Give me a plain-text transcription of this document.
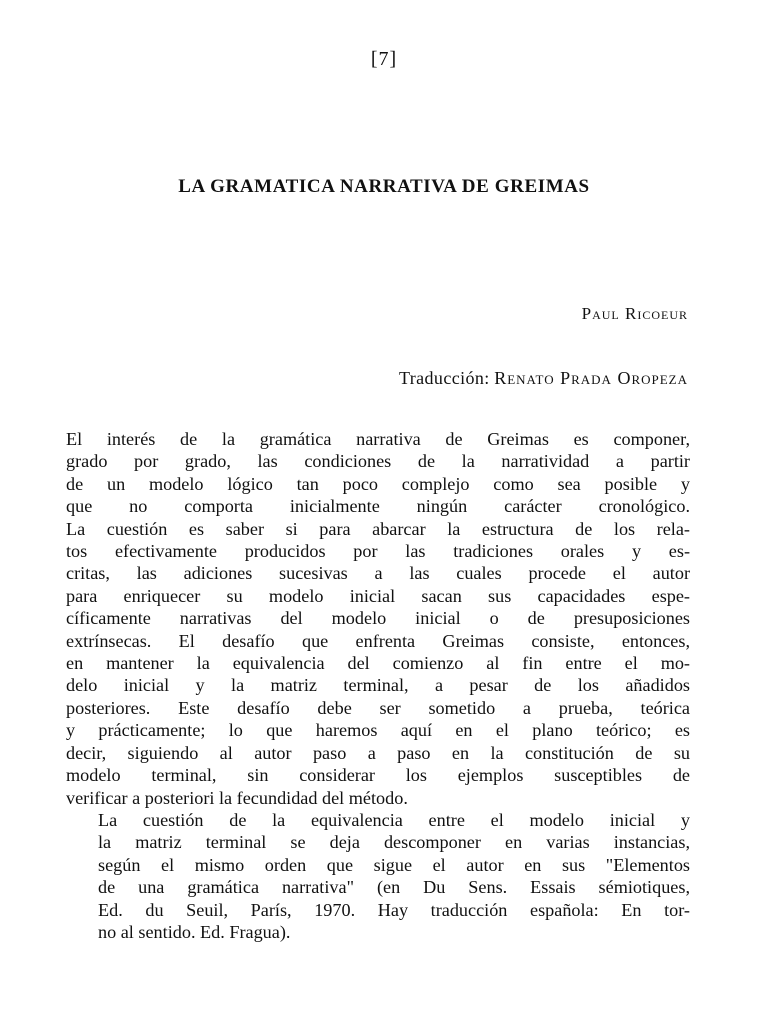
[7]
LA GRAMATICA NARRATIVA DE GREIMAS
Paul Ricoeur
Traducción: Renato Prada Oropeza

El interés de la gramática narrativa de Greimas es componer,
grado por grado, las condiciones de la narratividad a partir
de un modelo lógico tan poco complejo como sea posible y
que no comporta inicialmente ningún carácter cronológico.
La cuestión es saber si para abarcar la estructura de los rela-
tos efectivamente producidos por las tradiciones orales y es-
critas, las adiciones sucesivas a las cuales procede el autor
para enriquecer su modelo inicial sacan sus capacidades espe-
cíficamente narrativas del modelo inicial o de presuposiciones
extrínsecas. El desafío que enfrenta Greimas consiste, entonces,
en mantener la equivalencia del comienzo al fin entre el mo-
delo inicial y la matriz terminal, a pesar de los añadidos
posteriores. Este desafío debe ser sometido a prueba, teórica
y prácticamente; lo que haremos aquí en el plano teórico; es
decir, siguiendo al autor paso a paso en la constitución de su
modelo terminal, sin considerar los ejemplos susceptibles de
verificar a posteriori la fecundidad del método.

La cuestión de la equivalencia entre el modelo inicial y
la matriz terminal se deja descomponer en varias instancias,
según el mismo orden que sigue el autor en sus "Elementos
de una gramática narrativa" (en Du Sens. Essais sémiotiques,
Ed. du Seuil, París, 1970. Hay traducción española: En tor-
no al sentido. Ed. Fragua).
